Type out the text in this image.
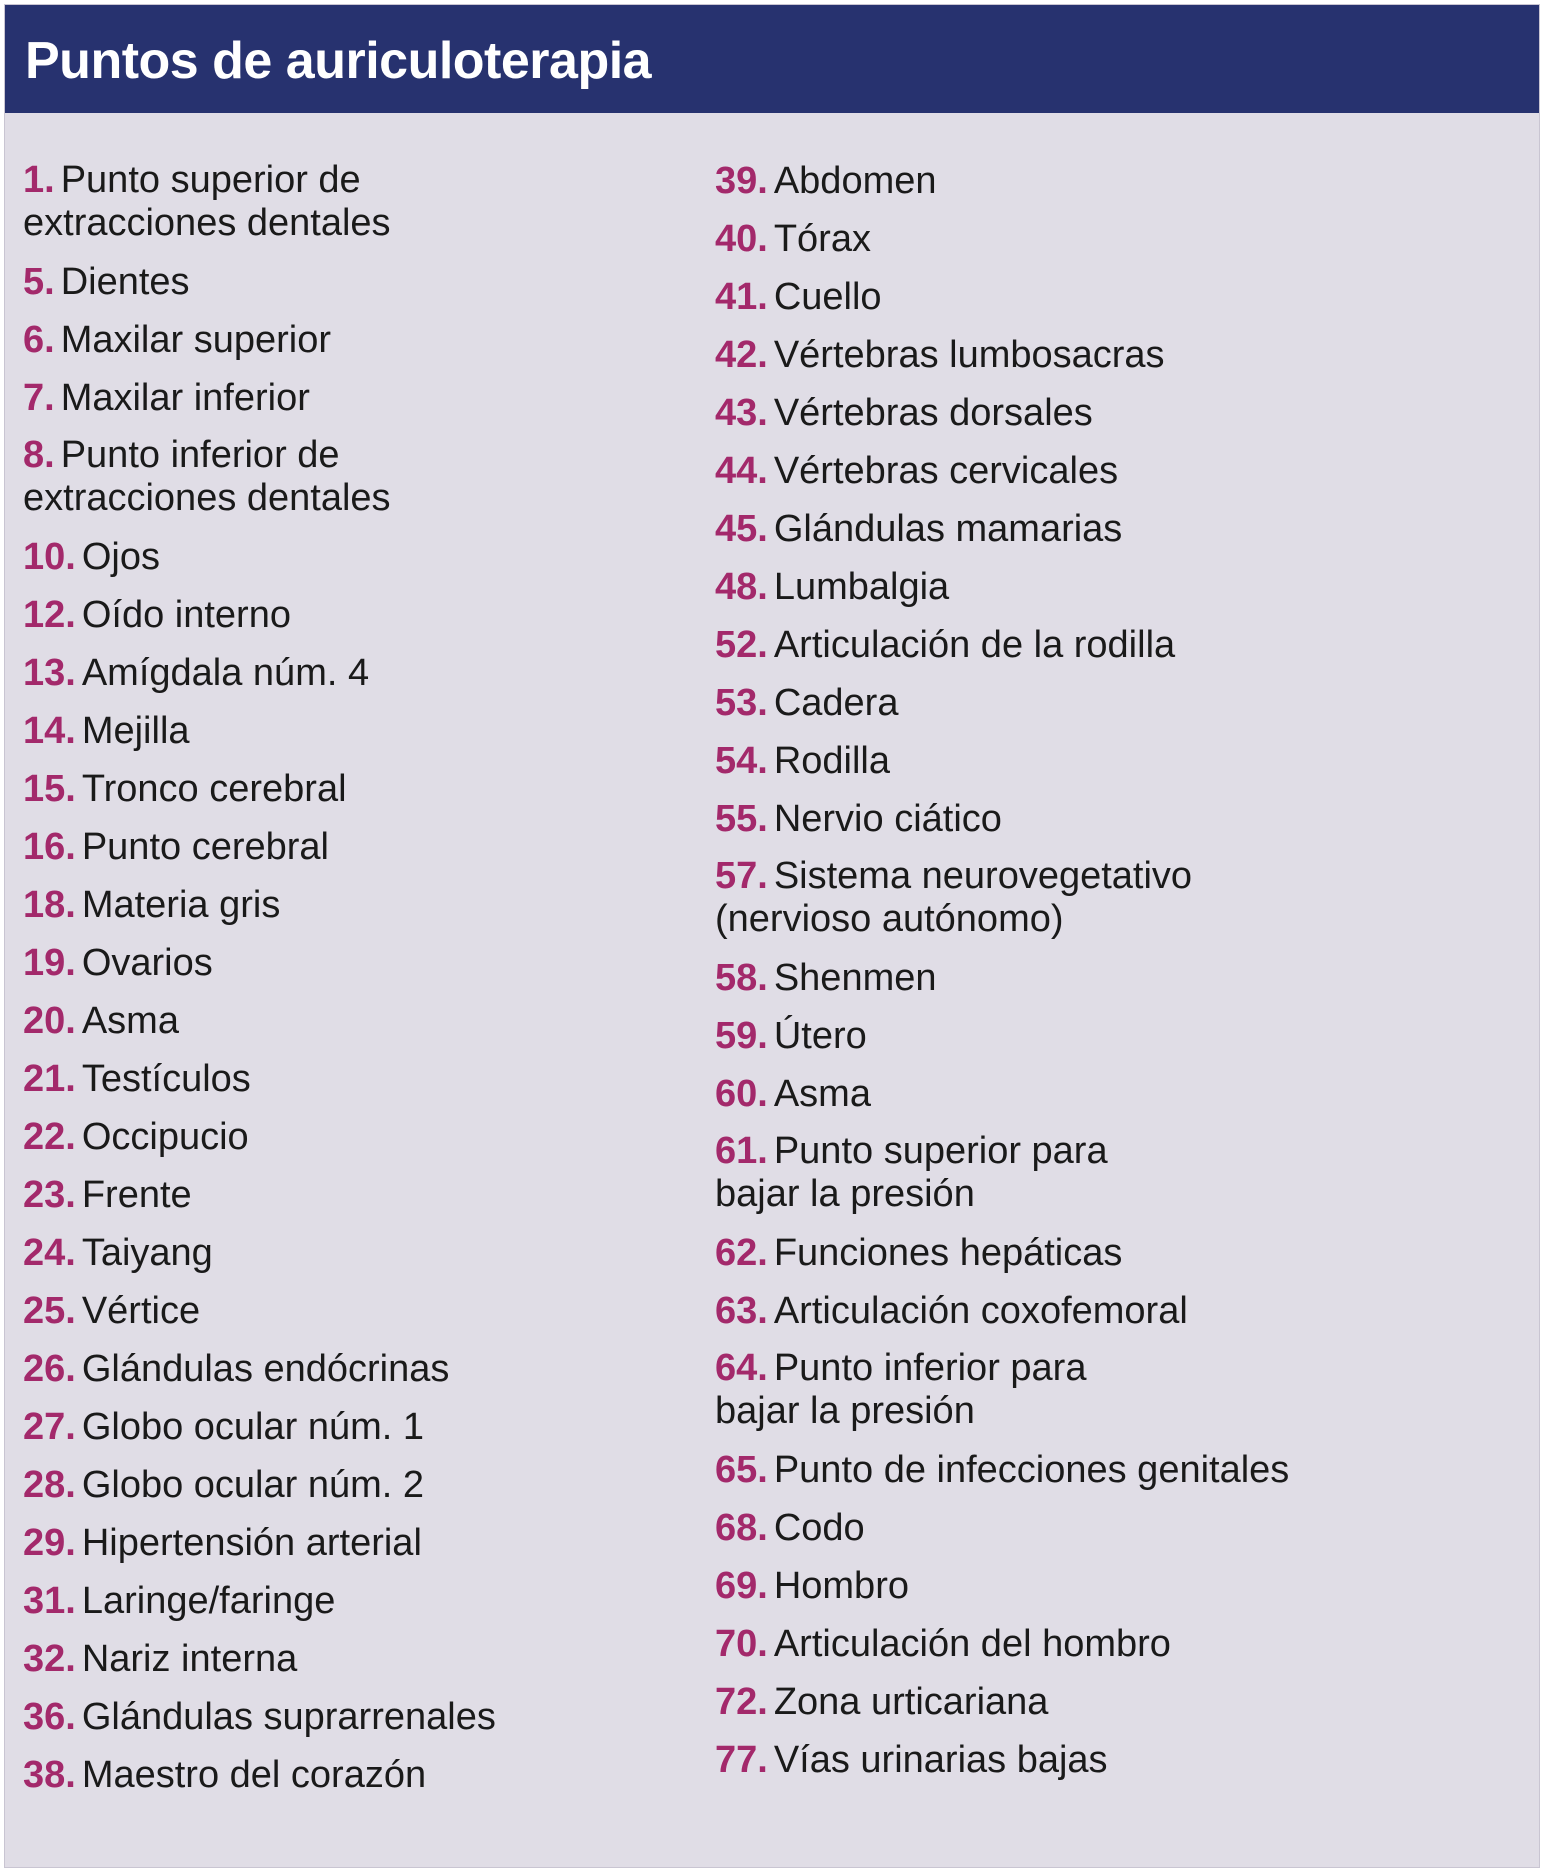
Puntos de auriculoterapia
1. Punto superior de
extracciones dentales
5. Dientes
6. Maxilar superior
7. Maxilar inferior
8. Punto inferior de
extracciones dentales
10. Ojos
12. Oído interno
13. Amígdala núm. 4
14. Mejilla
15. Tronco cerebral
16. Punto cerebral
18. Materia gris
19. Ovarios
20. Asma
21. Testículos
22. Occipucio
23. Frente
24. Taiyang
25. Vértice
26. Glándulas endócrinas
27. Globo ocular núm. 1
28. Globo ocular núm. 2
29. Hipertensión arterial
31. Laringe/faringe
32. Nariz interna
36. Glándulas suprarrenales
38. Maestro del corazón
39. Abdomen
40. Tórax
41. Cuello
42. Vértebras lumbosacras
43. Vértebras dorsales
44. Vértebras cervicales
45. Glándulas mamarias
48. Lumbalgia
52. Articulación de la rodilla
53. Cadera
54. Rodilla
55. Nervio ciático
57. Sistema neurovegetativo
(nervioso autónomo)
58. Shenmen
59. Útero
60. Asma
61. Punto superior para
bajar la presión
62. Funciones hepáticas
63. Articulación coxofemoral
64. Punto inferior para
bajar la presión
65. Punto de infecciones genitales
68. Codo
69. Hombro
70. Articulación del hombro
72. Zona urticariana
77. Vías urinarias bajas
